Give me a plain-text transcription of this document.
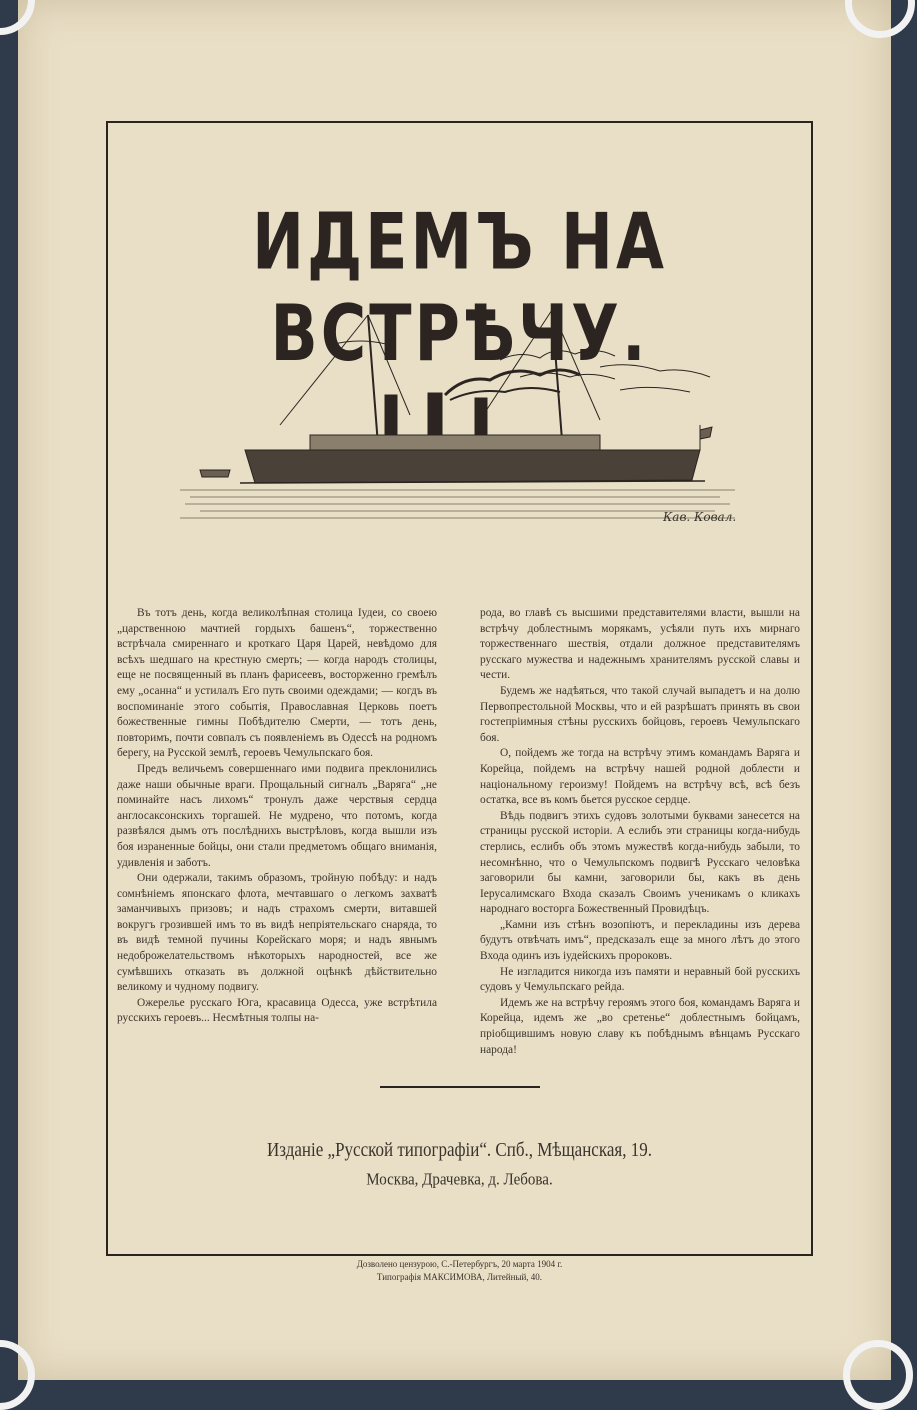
ИДЕМЪ НА ВСТРѢЧУ.
Кав. Ковал.

Въ тотъ день, когда великолѣпная столица Іудеи, со своею „царственною мачтией гордыхъ башенъ“, торжественно встрѣчала смиреннаго и кроткаго Царя Царей, невѣдомо для всѣхъ шедшаго на крестную смерть; — когда народъ столицы, еще не посвященный въ планъ фарисеевъ, восторженно гремѣлъ ему „осанна“ и устилалъ Его путь своими одеждами; — когдъ въ воспоминаніе этого событія, Православная Церковь поетъ божественные гимны Побѣдителю Смерти, — тотъ день, повторимъ, почти совпалъ съ появленіемъ въ Одессѣ на родномъ берегу, на Русской землѣ, героевъ Чемульпскаго боя.

Предъ величьемъ совершеннаго ими подвига преклонились даже наши обычные враги. Прощальный сигналъ „Варяга“ „не поминайте насъ лихомъ“ тронулъ даже черствыя сердца англосаксонскихъ торгашей. Не мудрено, что потомъ, когда развѣялся дымъ отъ послѣднихъ выстрѣловъ, когда вышли изъ боя израненные бойцы, они стали предметомъ общаго вниманія, удивленія и заботъ.

Они одержали, такимъ образомъ, тройную побѣду: и надъ сомнѣніемъ японскаго флота, мечтавшаго о легкомъ захватѣ заманчивыхъ призовъ; и надъ страхомъ смерти, витавшей вокругъ грозившей имъ то въ видѣ непріятельскаго снаряда, то въ видѣ темной пучины Корейскаго моря; и надъ явнымъ недоброжелательствомъ нѣкоторыхъ народностей, все же сумѣвшихъ отказать въ должной оцѣнкѣ дѣйствительно великому и чудному подвигу.

Ожерелье русскаго Юга, красавица Одесса, уже встрѣтила русскихъ героевъ... Несмѣтныя толпы на-

рода, во главѣ съ высшими представителями власти, вышли на встрѣчу доблестнымъ морякамъ, усѣяли путь ихъ мирнаго торжественнаго шествія, отдали должное представителямъ русскаго мужества и надежнымъ хранителямъ русской славы и чести.

Будемъ же надѣяться, что такой случай выпадетъ и на долю Первопрестольной Москвы, что и ей разрѣшатъ принять въ свои гостепріимныя стѣны русскихъ бойцовъ, героевъ Чемульпскаго боя.

О, пойдемъ же тогда на встрѣчу этимъ командамъ Варяга и Корейца, пойдемъ на встрѣчу нашей родной доблести и національному героизму! Пойдемъ на встрѣчу всѣ, всѣ безъ остатка, все въ комъ бьется русское сердце.

Вѣдь подвигъ этихъ судовъ золотыми буквами занесется на страницы русской исторіи. А еслибъ эти страницы когда-нибудь стерлись, еслибъ объ этомъ мужествѣ когда-нибудь забыли, то несомнѣнно, что о Чемульпскомъ подвигѣ Русскаго человѣка заговорили бы камни, заговорили бы, какъ въ день Іерусалимскаго Входа сказалъ Своимъ ученикамъ о кликахъ народнаго восторга Божественный Провидѣцъ.

„Камни изъ стѣнъ возопіютъ, и перекладины изъ дерева будутъ отвѣчать имъ“, предсказалъ еще за много лѣтъ до этого Входа одинъ изъ іудейскихъ пророковъ.

Не изгладится никогда изъ памяти и неравный бой русскихъ судовъ у Чемульпскаго рейда.

Идемъ же на встрѣчу героямъ этого боя, командамъ Варяга и Корейца, идемъ же „во сретенье“ доблестнымъ бойцамъ, пріобщившимъ новую славу къ побѣднымъ вѣнцамъ Русскаго народа!

Изданіе „Русской типографіи“. Спб., Мѣщанская, 19.
Москва, Драчевка, д. Лебова.
Дозволено цензурою, С.-Петербургъ, 20 марта 1904 г.
Типографія МАКСИМОВА, Литейный, 40.
